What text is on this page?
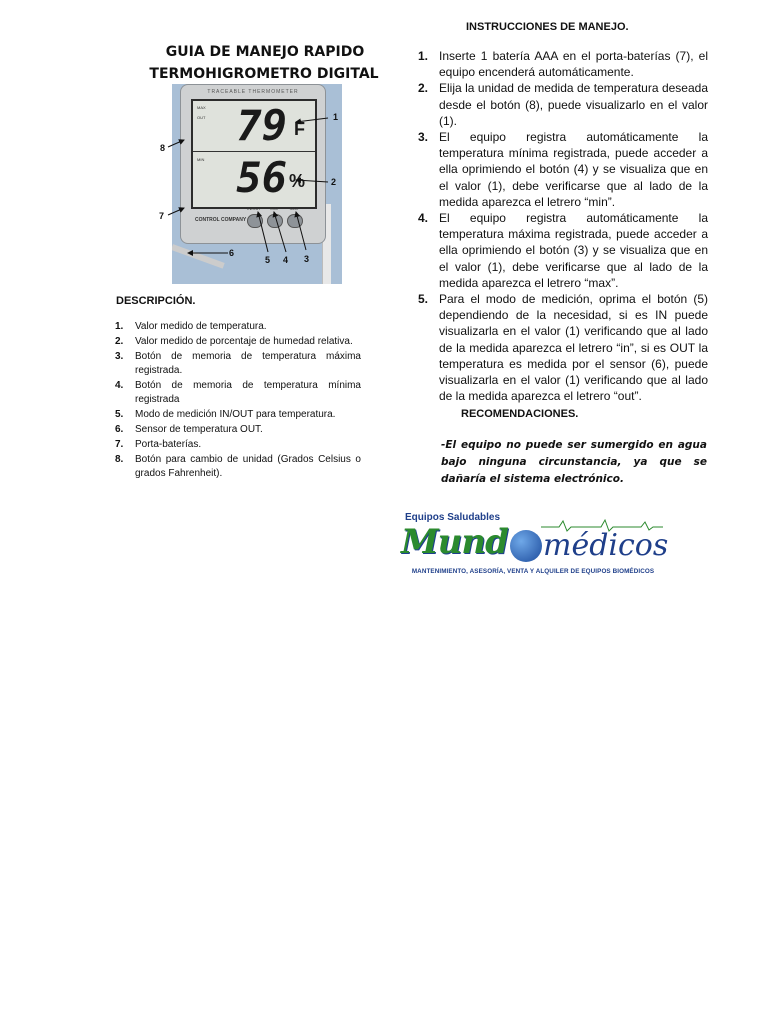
GUIA DE MANEJO RAPIDO
TERMOHIGROMETRO DIGITAL
TRACEABLE THERMOMETER
MAX
OUT 79 F
MIN 56 %
IN/OUT	MIN	MAX
CONTROL COMPANY
1
2
3
4
5
6
7
8
DESCRIPCIÓN.
1. Valor medido de temperatura.
2. Valor medido de porcentaje de humedad relativa.
3. Botón de memoria de temperatura máxima registrada.
4. Botón de memoria de temperatura mínima registrada
5. Modo de medición IN/OUT para temperatura.
6. Sensor de temperatura OUT.
7. Porta-baterías.
8. Botón para cambio de unidad (Grados Celsius o grados Fahrenheit).
INSTRUCCIONES DE MANEJO.
1. Inserte 1 batería AAA en el porta-baterías (7), el equipo encenderá automáticamente.
2. Elija la unidad de medida de temperatura deseada desde el botón (8), puede visualizarlo en el valor (1).
3. El equipo registra automáticamente la temperatura mínima registrada, puede acceder a ella oprimiendo el botón (4) y se visualiza que en el valor (1), debe verificarse que al lado de la medida aparezca el letrero “min”.
4. El equipo registra automáticamente la temperatura máxima registrada, puede acceder a ella oprimiendo el botón (3) y se visualiza que en el valor (1), debe verificarse que al lado de la medida aparezca el letrero “max”.
5. Para el modo de medición, oprima el botón (5) dependiendo de la necesidad, si es IN puede visualizarla en el valor (1) verificando que al lado de la medida aparezca el letrero “in”, si es OUT la temperatura es medida por el sensor (6), puede visualizarla en el valor (1) verificando que al lado de la medida aparezca el letrero “out”.
RECOMENDACIONES.
-El equipo no puede ser sumergido en agua bajo ninguna circunstancia, ya que se dañaría el sistema electrónico.
Equipos Saludables
Mund médicos
MANTENIMIENTO, ASESORÍA, VENTA Y ALQUILER DE EQUIPOS BIOMÉDICOS
